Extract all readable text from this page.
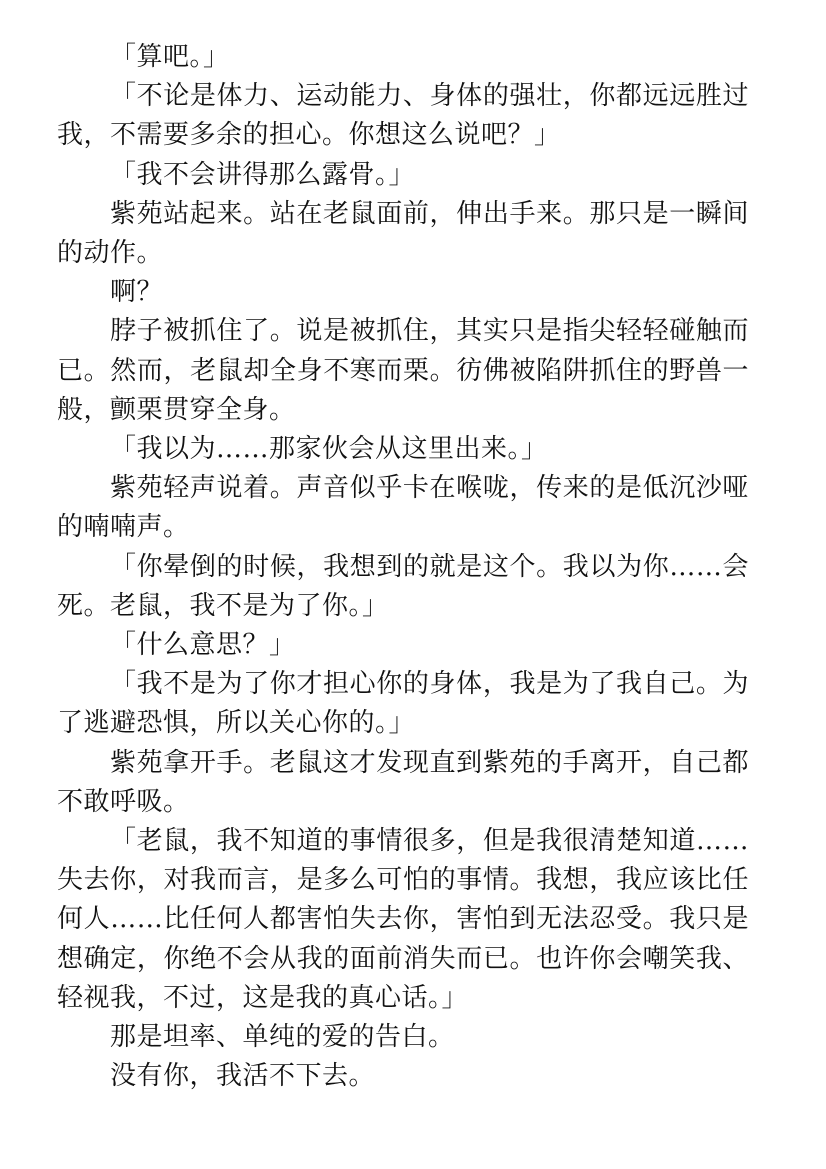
「算吧。」

「不论是体力、运动能力、身体的强壮，你都远远胜过我，不需要多余的担心。你想这么说吧？」

「我不会讲得那么露骨。」

紫苑站起来。站在老鼠面前，伸出手来。那只是一瞬间的动作。

啊？

脖子被抓住了。说是被抓住，其实只是指尖轻轻碰触而已。然而，老鼠却全身不寒而栗。彷佛被陷阱抓住的野兽一般，颤栗贯穿全身。

「我以为……那家伙会从这里出来。」

紫苑轻声说着。声音似乎卡在喉咙，传来的是低沉沙哑的喃喃声。

「你晕倒的时候，我想到的就是这个。我以为你……会死。老鼠，我不是为了你。」

「什么意思？」

「我不是为了你才担心你的身体，我是为了我自己。为了逃避恐惧，所以关心你的。」

紫苑拿开手。老鼠这才发现直到紫苑的手离开，自己都不敢呼吸。

「老鼠，我不知道的事情很多，但是我很清楚知道……失去你，对我而言，是多么可怕的事情。我想，我应该比任何人……比任何人都害怕失去你，害怕到无法忍受。我只是想确定，你绝不会从我的面前消失而已。也许你会嘲笑我、轻视我，不过，这是我的真心话。」

那是坦率、单纯的爱的告白。

没有你，我活不下去。
